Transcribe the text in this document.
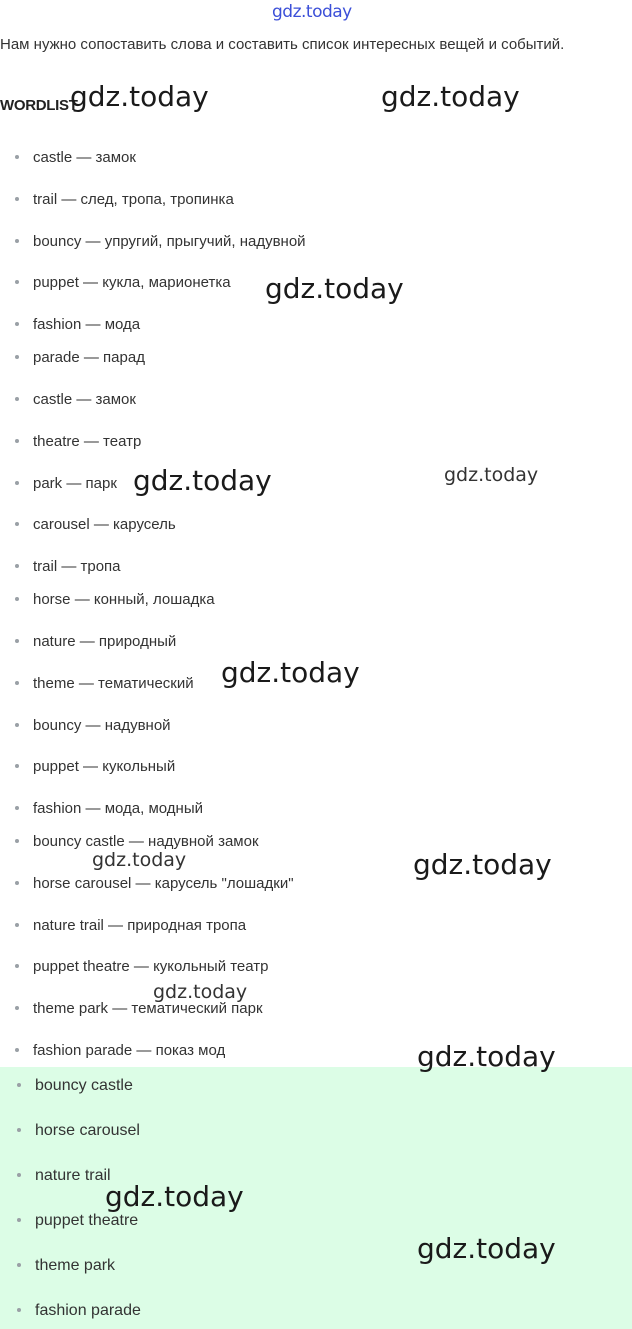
gdz.today
Нам нужно сопоставить слова и составить список интересных вещей и событий.
WORDLIST
castle — замок
trail — след, тропа, тропинка
bouncy — упругий, прыгучий, надувной
puppet — кукла, марионетка
fashion — мода
parade — парад
castle — замок
theatre — театр
park — парк
carousel — карусель
trail — тропа
horse — конный, лошадка
nature — природный
theme — тематический
bouncy — надувной
puppet — кукольный
fashion — мода, модный
bouncy castle — надувной замок
horse carousel — карусель "лошадки"
nature trail — природная тропа
puppet theatre — кукольный театр
theme park — тематический парк
fashion parade — показ мод
bouncy castle
horse carousel
nature trail
puppet theatre
theme park
fashion parade
gdz.today	gdz.today
gdz.today
gdz.today	gdz.today
gdz.today
gdz.today	gdz.today
gdz.today
gdz.today
gdz.today
gdz.today
